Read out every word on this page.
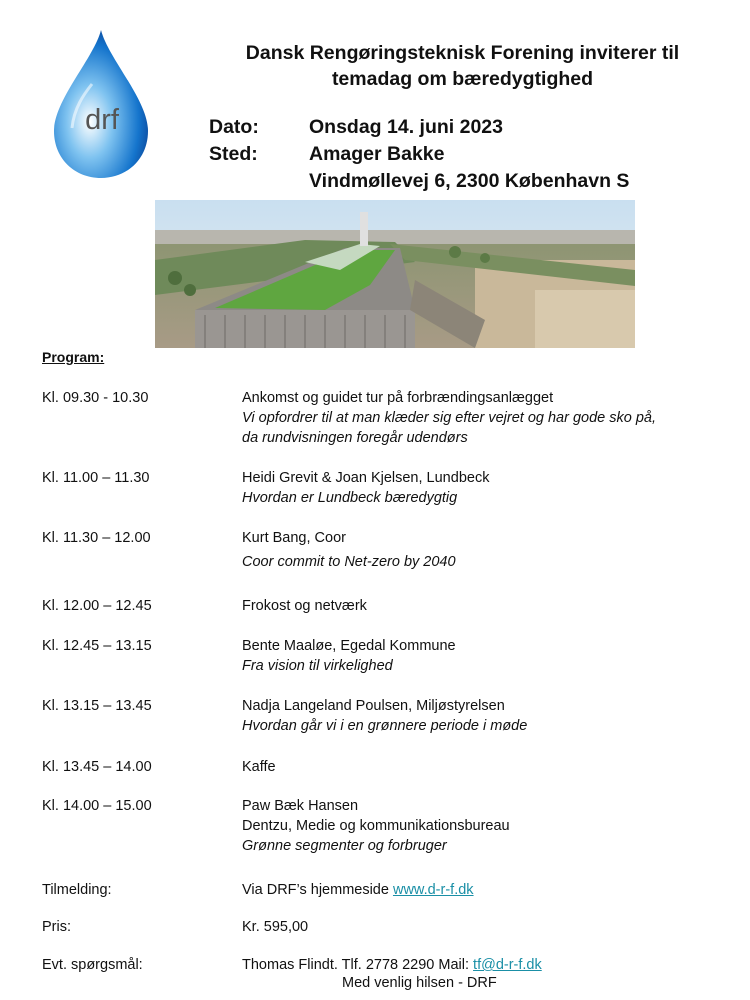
drf
Dansk Rengøringsteknisk Forening inviterer til
temadag om bæredygtighed
Dato:	Onsdag 14. juni 2023
Sted:	Amager Bakke
Vindmøllevej 6, 2300 København S
Program:
Kl. 09.30 - 10.30	Ankomst og guidet tur på forbrændingsanlægget
Vi opfordrer til at man klæder sig efter vejret og har gode sko på,
da rundvisningen foregår udendørs
Kl. 11.00 – 11.30	Heidi Grevit & Joan Kjelsen, Lundbeck
Hvordan er Lundbeck bæredygtig
Kl. 11.30 – 12.00	Kurt Bang, Coor
Coor commit to Net-zero by 2040
Kl. 12.00 – 12.45	Frokost og netværk
Kl. 12.45 – 13.15	Bente Maaløe, Egedal Kommune
Fra vision til virkelighed
Kl. 13.15 – 13.45	Nadja Langeland Poulsen, Miljøstyrelsen
Hvordan går vi i en grønnere periode i møde
Kl. 13.45 – 14.00	Kaffe
Kl. 14.00 – 15.00	Paw Bæk Hansen
Dentzu, Medie og kommunikationsbureau
Grønne segmenter og forbruger
Tilmelding:	Via DRF’s hjemmeside www.d-r-f.dk
Pris:	Kr. 595,00
Evt. spørgsmål:	Thomas Flindt. Tlf. 2778 2290 Mail: tf@d-r-f.dk
Med venlig hilsen - DRF
